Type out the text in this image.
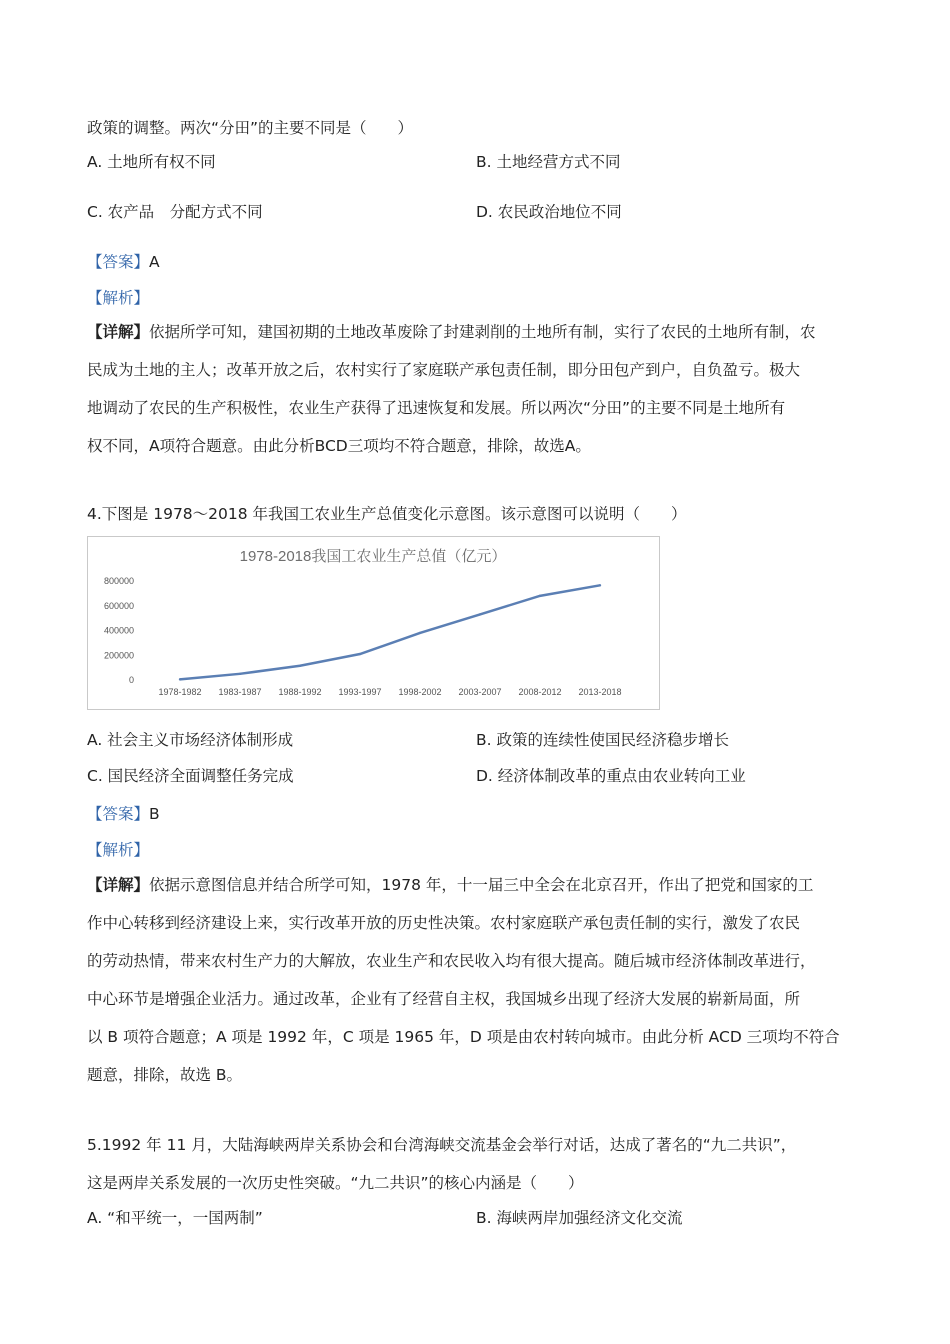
政策的调整。两次“分田”的主要不同是（　　）
A. 土地所有权不同	B. 土地经营方式不同
C. 农产品　分配方式不同	D. 农民政治地位不同
【答案】A
【解析】
【详解】依据所学可知，建国初期的土地改革废除了封建剥削的土地所有制，实行了农民的土地所有制，农
民成为土地的主人；改革开放之后，农村实行了家庭联产承包责任制，即分田包产到户，自负盈亏。极大
地调动了农民的生产积极性，农业生产获得了迅速恢复和发展。所以两次“分田”的主要不同是土地所有
权不同，A项符合题意。由此分析BCD三项均不符合题意，排除，故选A。
4.下图是 1978～2018 年我国工农业生产总值变化示意图。该示意图可以说明（　　）
1978-2018我国工农业生产总值（亿元）
0
200000
400000
600000
800000
1978-1982 1983-1987 1988-1992 1993-1997 1998-2002 2003-2007 2008-2012 2013-2018
A. 社会主义市场经济体制形成	B. 政策的连续性使国民经济稳步增长
C. 国民经济全面调整任务完成	D. 经济体制改革的重点由农业转向工业
【答案】B
【解析】
【详解】依据示意图信息并结合所学可知，1978 年，十一届三中全会在北京召开，作出了把党和国家的工
作中心转移到经济建设上来，实行改革开放的历史性决策。农村家庭联产承包责任制的实行，激发了农民
的劳动热情，带来农村生产力的大解放，农业生产和农民收入均有很大提高。随后城市经济体制改革进行，
中心环节是增强企业活力。通过改革，企业有了经营自主权，我国城乡出现了经济大发展的崭新局面，所
以 B 项符合题意；A 项是 1992 年，C 项是 1965 年，D 项是由农村转向城市。由此分析 ACD 三项均不符合
题意，排除，故选 B。
5.1992 年 11 月，大陆海峡两岸关系协会和台湾海峡交流基金会举行对话，达成了著名的“九二共识”，
这是两岸关系发展的一次历史性突破。“九二共识”的核心内涵是（　　）
A. “和平统一，一国两制”	B. 海峡两岸加强经济文化交流
